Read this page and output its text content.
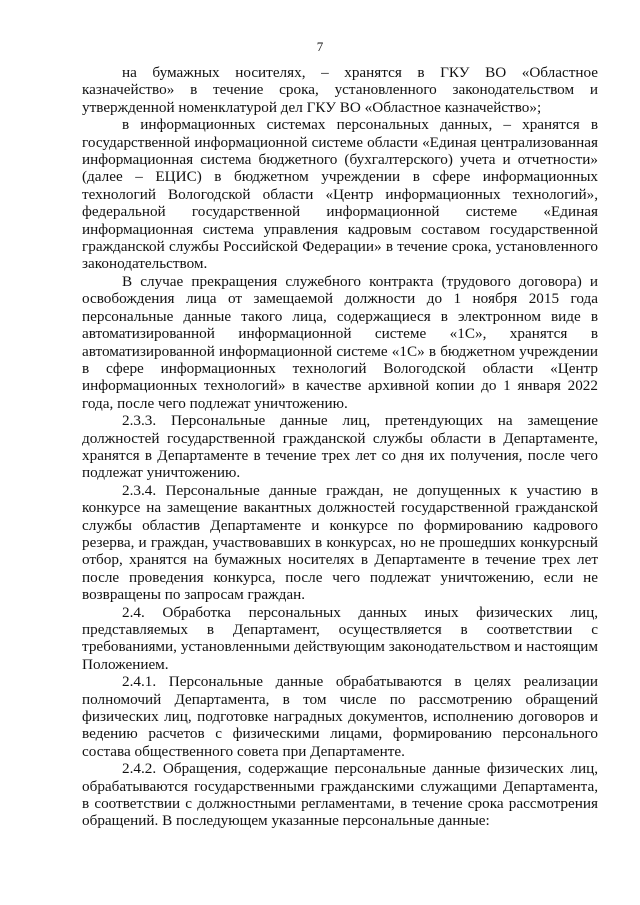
7

на бумажных носителях, – хранятся в ГКУ ВО «Областное казначейство» в течение срока, установленного законодательством и утвержденной номенклатурой дел ГКУ ВО «Областное казначейство»;

в информационных системах персональных данных, – хранятся в государственной информационной системе области «Единая централизованная информационная система бюджетного (бухгалтерского) учета и отчетности» (далее – ЕЦИС) в бюджетном учреждении в сфере информационных технологий Вологодской области «Центр информационных технологий», федеральной государственной информационной системе «Единая информационная система управления кадровым составом государственной гражданской службы Российской Федерации» в течение срока, установленного законодательством.

В случае прекращения служебного контракта (трудового договора) и освобождения лица от замещаемой должности до 1 ноября 2015 года персональные данные такого лица, содержащиеся в электронном виде в автоматизированной информационной системе «1С», хранятся в автоматизированной информационной системе «1С» в бюджетном учреждении в сфере информационных технологий Вологодской области «Центр информационных технологий» в качестве архивной копии до 1 января 2022 года, после чего подлежат уничтожению.

2.3.3. Персональные данные лиц, претендующих на замещение должностей государственной гражданской службы области в Департаменте, хранятся в Департаменте в течение трех лет со дня их получения, после чего подлежат уничтожению.

2.3.4. Персональные данные граждан, не допущенных к участию в конкурсе на замещение вакантных должностей государственной гражданской службы областив Департаменте и конкурсе по формированию кадрового резерва, и граждан, участвовавших в конкурсах, но не прошедших конкурсный отбор, хранятся на бумажных носителях в Департаменте в течение трех лет после проведения конкурса, после чего подлежат уничтожению, если не возвращены по запросам граждан.

2.4. Обработка персональных данных иных физических лиц, представляемых в Департамент, осуществляется в соответствии с требованиями, установленными действующим законодательством и настоящим Положением.

2.4.1. Персональные данные обрабатываются в целях реализации полномочий Департамента, в том числе по рассмотрению обращений физических лиц, подготовке наградных документов, исполнению договоров и ведению расчетов с физическими лицами, формированию персонального состава общественного совета при Департаменте.

2.4.2. Обращения, содержащие персональные данные физических лиц, обрабатываются государственными гражданскими служащими Департамента, в соответствии с должностными регламентами, в течение срока рассмотрения обращений. В последующем указанные персональные данные:
